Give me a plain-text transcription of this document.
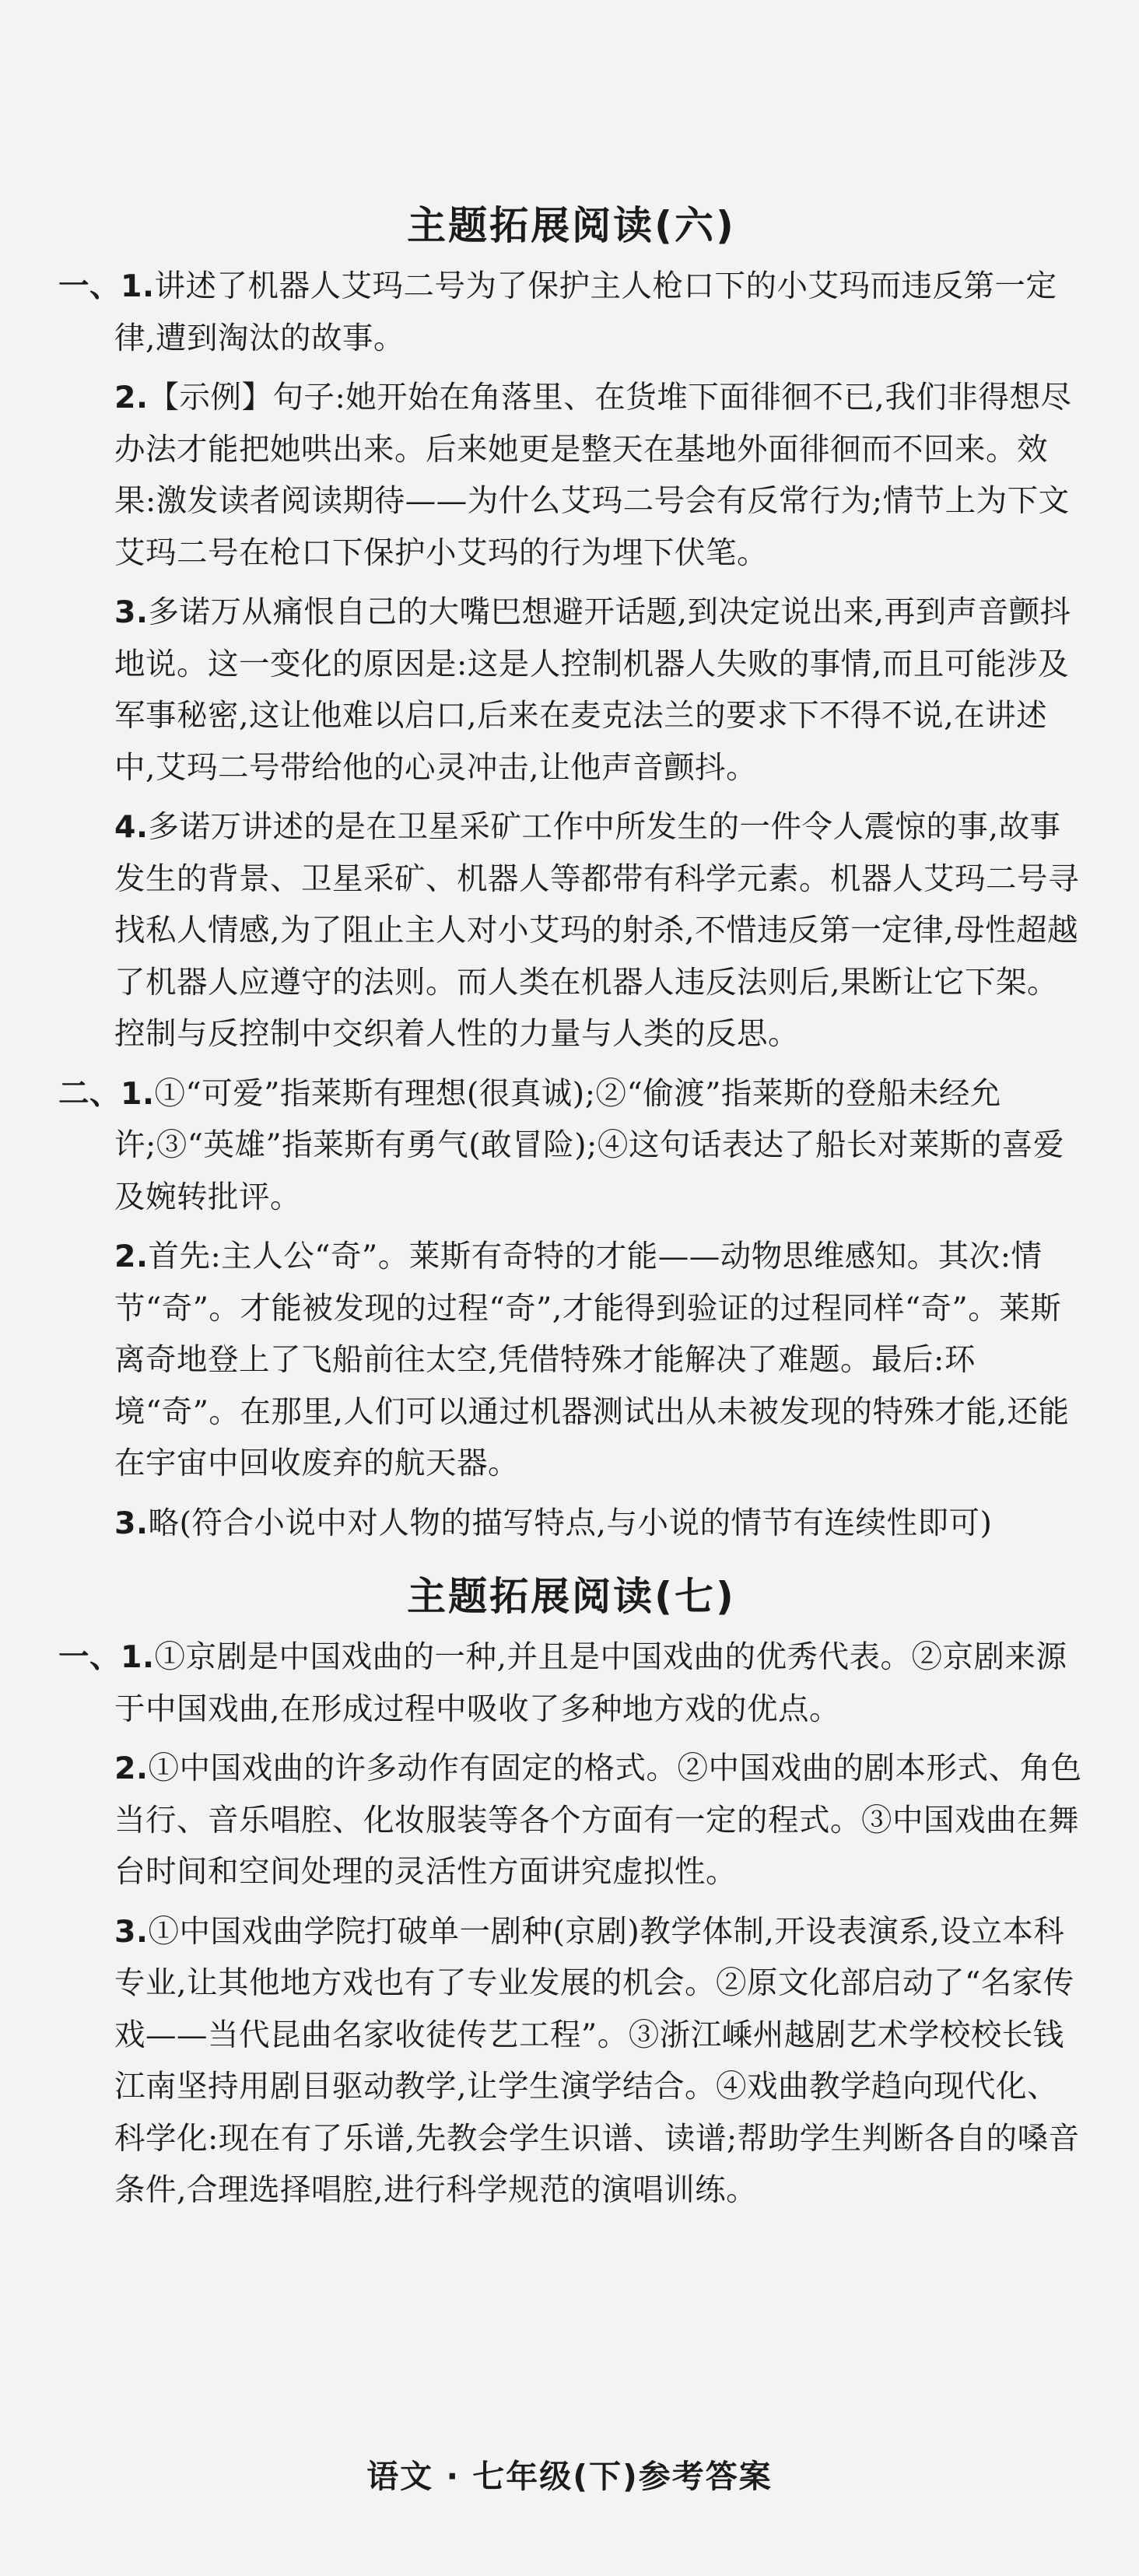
主题拓展阅读(六)
一、1.讲述了机器人艾玛二号为了保护主人枪口下的小艾玛而违反第一定律,遭到淘汰的故事。
2.【示例】句子:她开始在角落里、在货堆下面徘徊不已,我们非得想尽办法才能把她哄出来。后来她更是整天在基地外面徘徊而不回来。效果:激发读者阅读期待——为什么艾玛二号会有反常行为;情节上为下文艾玛二号在枪口下保护小艾玛的行为埋下伏笔。
3.多诺万从痛恨自己的大嘴巴想避开话题,到决定说出来,再到声音颤抖地说。这一变化的原因是:这是人控制机器人失败的事情,而且可能涉及军事秘密,这让他难以启口,后来在麦克法兰的要求下不得不说,在讲述中,艾玛二号带给他的心灵冲击,让他声音颤抖。
4.多诺万讲述的是在卫星采矿工作中所发生的一件令人震惊的事,故事发生的背景、卫星采矿、机器人等都带有科学元素。机器人艾玛二号寻找私人情感,为了阻止主人对小艾玛的射杀,不惜违反第一定律,母性超越了机器人应遵守的法则。而人类在机器人违反法则后,果断让它下架。控制与反控制中交织着人性的力量与人类的反思。
二、1.①“可爱”指莱斯有理想(很真诚);②“偷渡”指莱斯的登船未经允许;③“英雄”指莱斯有勇气(敢冒险);④这句话表达了船长对莱斯的喜爱及婉转批评。
2.首先:主人公“奇”。莱斯有奇特的才能——动物思维感知。其次:情节“奇”。才能被发现的过程“奇”,才能得到验证的过程同样“奇”。莱斯离奇地登上了飞船前往太空,凭借特殊才能解决了难题。最后:环境“奇”。在那里,人们可以通过机器测试出从未被发现的特殊才能,还能在宇宙中回收废弃的航天器。
3.略(符合小说中对人物的描写特点,与小说的情节有连续性即可)
主题拓展阅读(七)
一、1.①京剧是中国戏曲的一种,并且是中国戏曲的优秀代表。②京剧来源于中国戏曲,在形成过程中吸收了多种地方戏的优点。
2.①中国戏曲的许多动作有固定的格式。②中国戏曲的剧本形式、角色当行、音乐唱腔、化妆服装等各个方面有一定的程式。③中国戏曲在舞台时间和空间处理的灵活性方面讲究虚拟性。
3.①中国戏曲学院打破单一剧种(京剧)教学体制,开设表演系,设立本科专业,让其他地方戏也有了专业发展的机会。②原文化部启动了“名家传戏——当代昆曲名家收徒传艺工程”。③浙江嵊州越剧艺术学校校长钱江南坚持用剧目驱动教学,让学生演学结合。④戏曲教学趋向现代化、科学化:现在有了乐谱,先教会学生识谱、读谱;帮助学生判断各自的嗓音条件,合理选择唱腔,进行科学规范的演唱训练。
语文 · 七年级(下)参考答案
